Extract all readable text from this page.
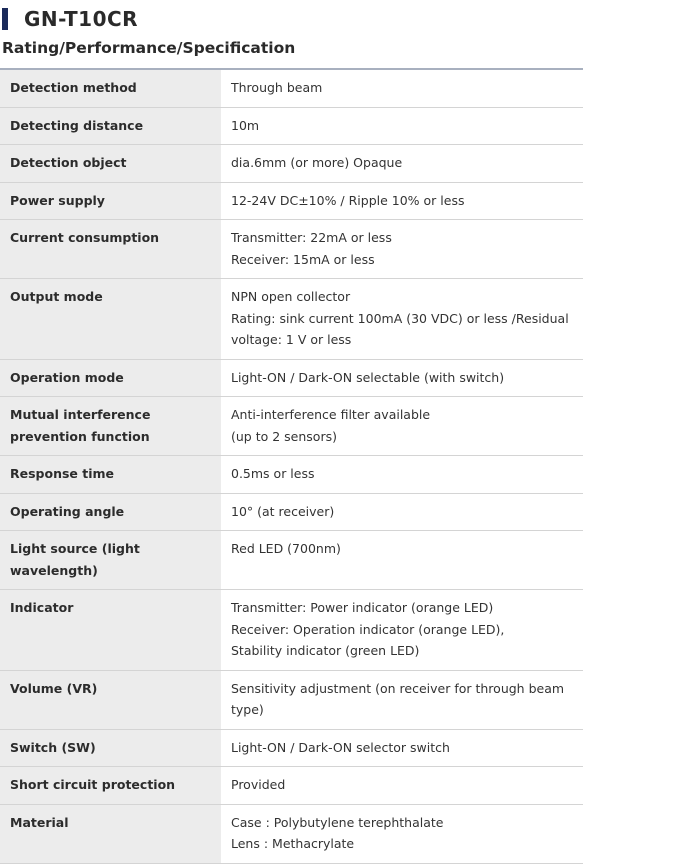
GN-T10CR
Rating/Performance/Specification
Detection method	Through beam

Detecting distance	10m

Detection object	dia.6mm (or more) Opaque

Power supply	12-24V DC±10% / Ripple 10% or less

Current consumption	Transmitter: 22mA or less
Receiver: 15mA or less

Output mode	NPN open collector
Rating: sink current 100mA (30 VDC) or less /Residual
voltage: 1 V or less

Operation mode	Light-ON / Dark-ON selectable (with switch)

Mutual interference prevention function	Anti-interference filter available
(up to 2 sensors)

Response time	0.5ms or less

Operating angle	10° (at receiver)

Light source (light wavelength)	Red LED (700nm)

Indicator	Transmitter: Power indicator (orange LED)
Receiver: Operation indicator (orange LED),
Stability indicator (green LED)

Volume (VR)	Sensitivity adjustment (on receiver for through beam type)

Switch (SW)	Light-ON / Dark-ON selector switch

Short circuit protection	Provided

Material	Case : Polybutylene terephthalate
Lens : Methacrylate
